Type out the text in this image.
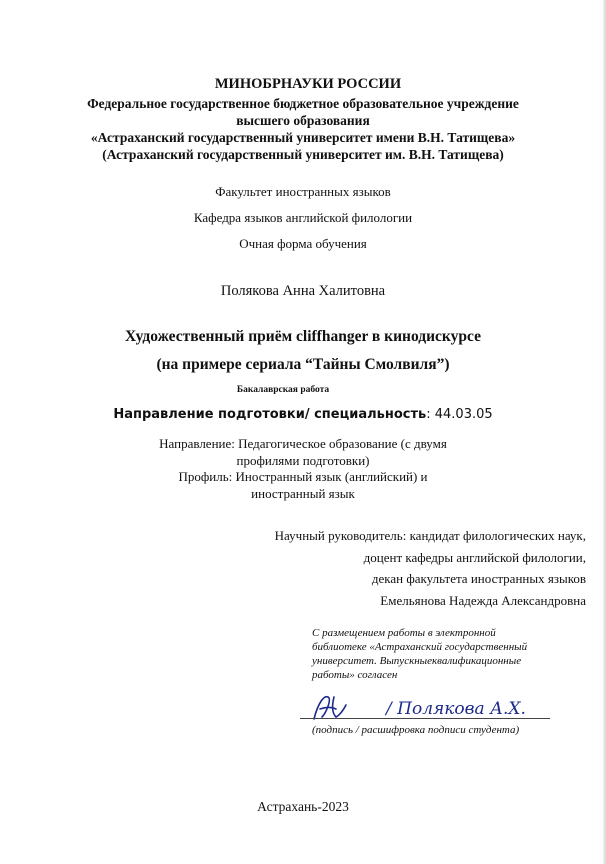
МИНОБРНАУКИ РОССИИ
Федеральное государственное бюджетное образовательное учреждение
высшего образования
«Астраханский государственный университет имени В.Н. Татищева»
(Астраханский государственный университет им. В.Н. Татищева)
Факультет иностранных языков
Кафедра языков английской филологии
Очная форма обучения
Полякова Анна Халитовна
Художественный приём cliffhanger в кинодискурсе
(на примере сериала “Тайны Смолвиля”)
Бакалаврская работа
Направление подготовки/ специальность: 44.03.05
Направление: Педагогическое образование (с двумя
профилями подготовки)
Профиль: Иностранный язык (английский) и
иностранный язык
Научный руководитель: кандидат филологических наук,
доцент кафедры английской филологии,
декан факультета иностранных языков
Емельянова Надежда Александровна

С размещением работы в электронной

библиотеке «Астраханский государственный

университет. Выпускныеквалификационные

работы» согласен

/ Полякова А.Х.
(подпись / расшифровка подписи студента)
Астрахань-2023
